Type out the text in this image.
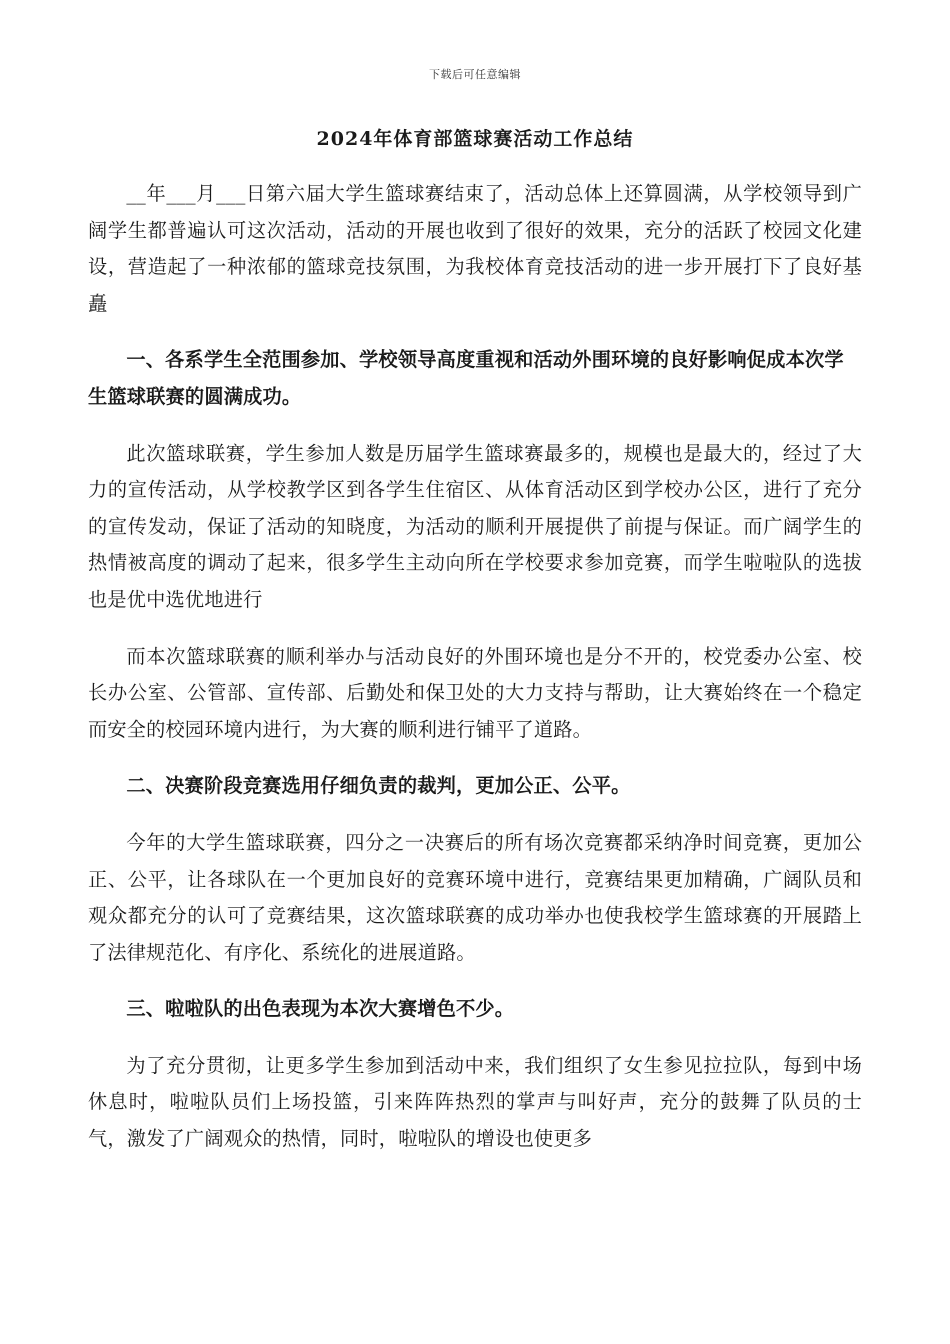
下载后可任意编辑
2024年体育部篮球赛活动工作总结

__年___月___日第六届大学生篮球赛结束了，活动总体上还算圆满，从学校领导到广阔学生都普遍认可这次活动，活动的开展也收到了很好的效果，充分的活跃了校园文化建设，营造起了一种浓郁的篮球竞技氛围，为我校体育竞技活动的进一步开展打下了良好基矗

一、各系学生全范围参加、学校领导高度重视和活动外围环境的良好影响促成本次学生篮球联赛的圆满成功。

此次篮球联赛，学生参加人数是历届学生篮球赛最多的，规模也是最大的，经过了大力的宣传活动，从学校教学区到各学生住宿区、从体育活动区到学校办公区，进行了充分的宣传发动，保证了活动的知晓度，为活动的顺利开展提供了前提与保证。而广阔学生的热情被高度的调动了起来，很多学生主动向所在学校要求参加竞赛，而学生啦啦队的选拔也是优中选优地进行

而本次篮球联赛的顺利举办与活动良好的外围环境也是分不开的，校党委办公室、校长办公室、公管部、宣传部、后勤处和保卫处的大力支持与帮助，让大赛始终在一个稳定而安全的校园环境内进行，为大赛的顺利进行铺平了道路。

二、决赛阶段竞赛选用仔细负责的裁判，更加公正、公平。

今年的大学生篮球联赛，四分之一决赛后的所有场次竞赛都采纳净时间竞赛，更加公正、公平，让各球队在一个更加良好的竞赛环境中进行，竞赛结果更加精确，广阔队员和观众都充分的认可了竞赛结果，这次篮球联赛的成功举办也使我校学生篮球赛的开展踏上了法律规范化、有序化、系统化的进展道路。

三、啦啦队的出色表现为本次大赛增色不少。

为了充分贯彻，让更多学生参加到活动中来，我们组织了女生参见拉拉队，每到中场休息时，啦啦队员们上场投篮，引来阵阵热烈的掌声与叫好声，充分的鼓舞了队员的士气，激发了广阔观众的热情，同时，啦啦队的增设也使更多
